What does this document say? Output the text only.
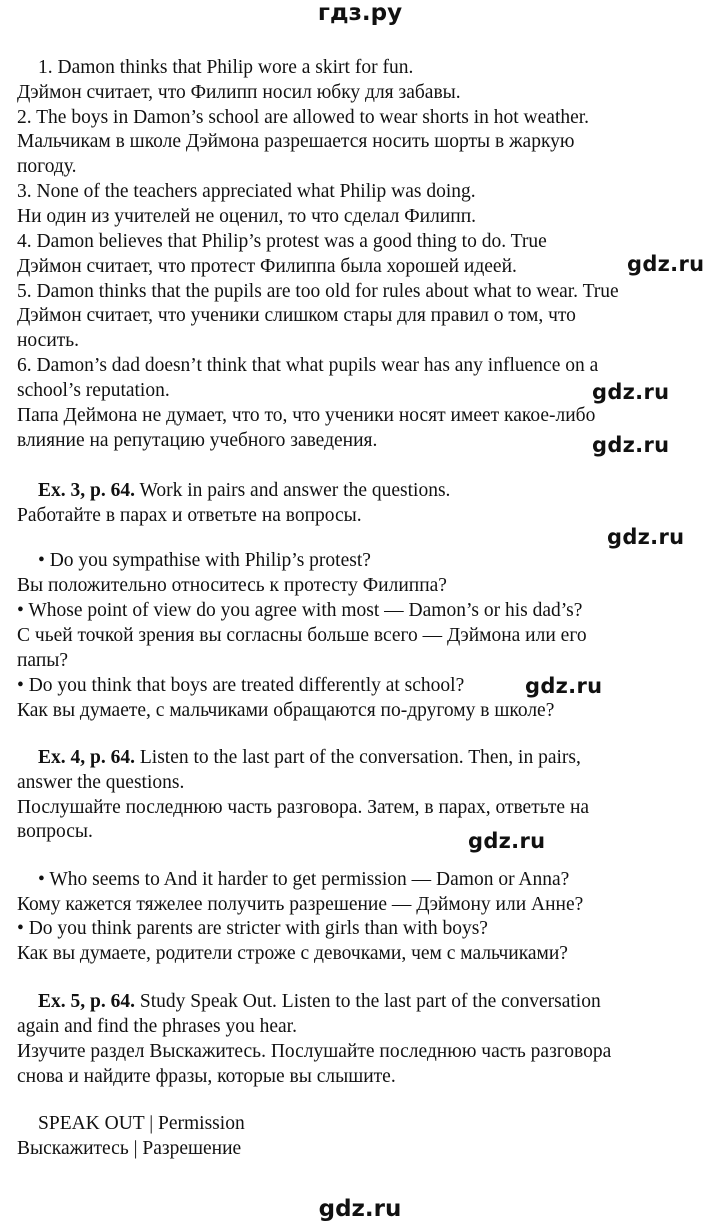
гдз.ру
1. Damon thinks that Philip wore a skirt for fun.
Дэймон считает, что Филипп носил юбку для забавы.
2. The boys in Damon’s school are allowed to wear shorts in hot weather.
Мальчикам в школе Дэймона разрешается носить шорты в жаркую
погоду.
3. None of the teachers appreciated what Philip was doing.
Ни один из учителей не оценил, то что сделал Филипп.
4. Damon believes that Philip’s protest was a good thing to do. True
Дэймон считает, что протест Филиппа была хорошей идеей.	gdz.ru
5. Damon thinks that the pupils are too old for rules about what to wear. True
Дэймон считает, что ученики слишком стары для правил о том, что
носить.
6. Damon’s dad doesn’t think that what pupils wear has any influence on a
school’s reputation.	gdz.ru
Папа Деймона не думает, что то, что ученики носят имеет какое-либо
влияние на репутацию учебного заведения.	gdz.ru
Ex. 3, p. 64. Work in pairs and answer the questions.
Работайте в парах и ответьте на вопросы.
gdz.ru
• Do you sympathise with Philip’s protest?
Вы положительно относитесь к протесту Филиппа?
• Whose point of view do you agree with most — Damon’s or his dad’s?
С чьей точкой зрения вы согласны больше всего — Дэймона или его
папы?
• Do you think that boys are treated differently at school?	gdz.ru
Как вы думаете, с мальчиками обращаются по-другому в школе?
Ex. 4, p. 64. Listen to the last part of the conversation. Then, in pairs,
answer the questions.
Послушайте последнюю часть разговора. Затем, в парах, ответьте на
вопросы.	gdz.ru
• Who seems to And it harder to get permission — Damon or Anna?
Кому кажется тяжелее получить разрешение — Дэймону или Анне?
• Do you think parents are stricter with girls than with boys?
Как вы думаете, родители строже с девочками, чем с мальчиками?
Ex. 5, p. 64. Study Speak Out. Listen to the last part of the conversation
again and find the phrases you hear.
Изучите раздел Выскажитесь. Послушайте последнюю часть разговора
снова и найдите фразы, которые вы слышите.
SPEAK OUT | Permission
Выскажитесь | Разрешение
gdz.ru
